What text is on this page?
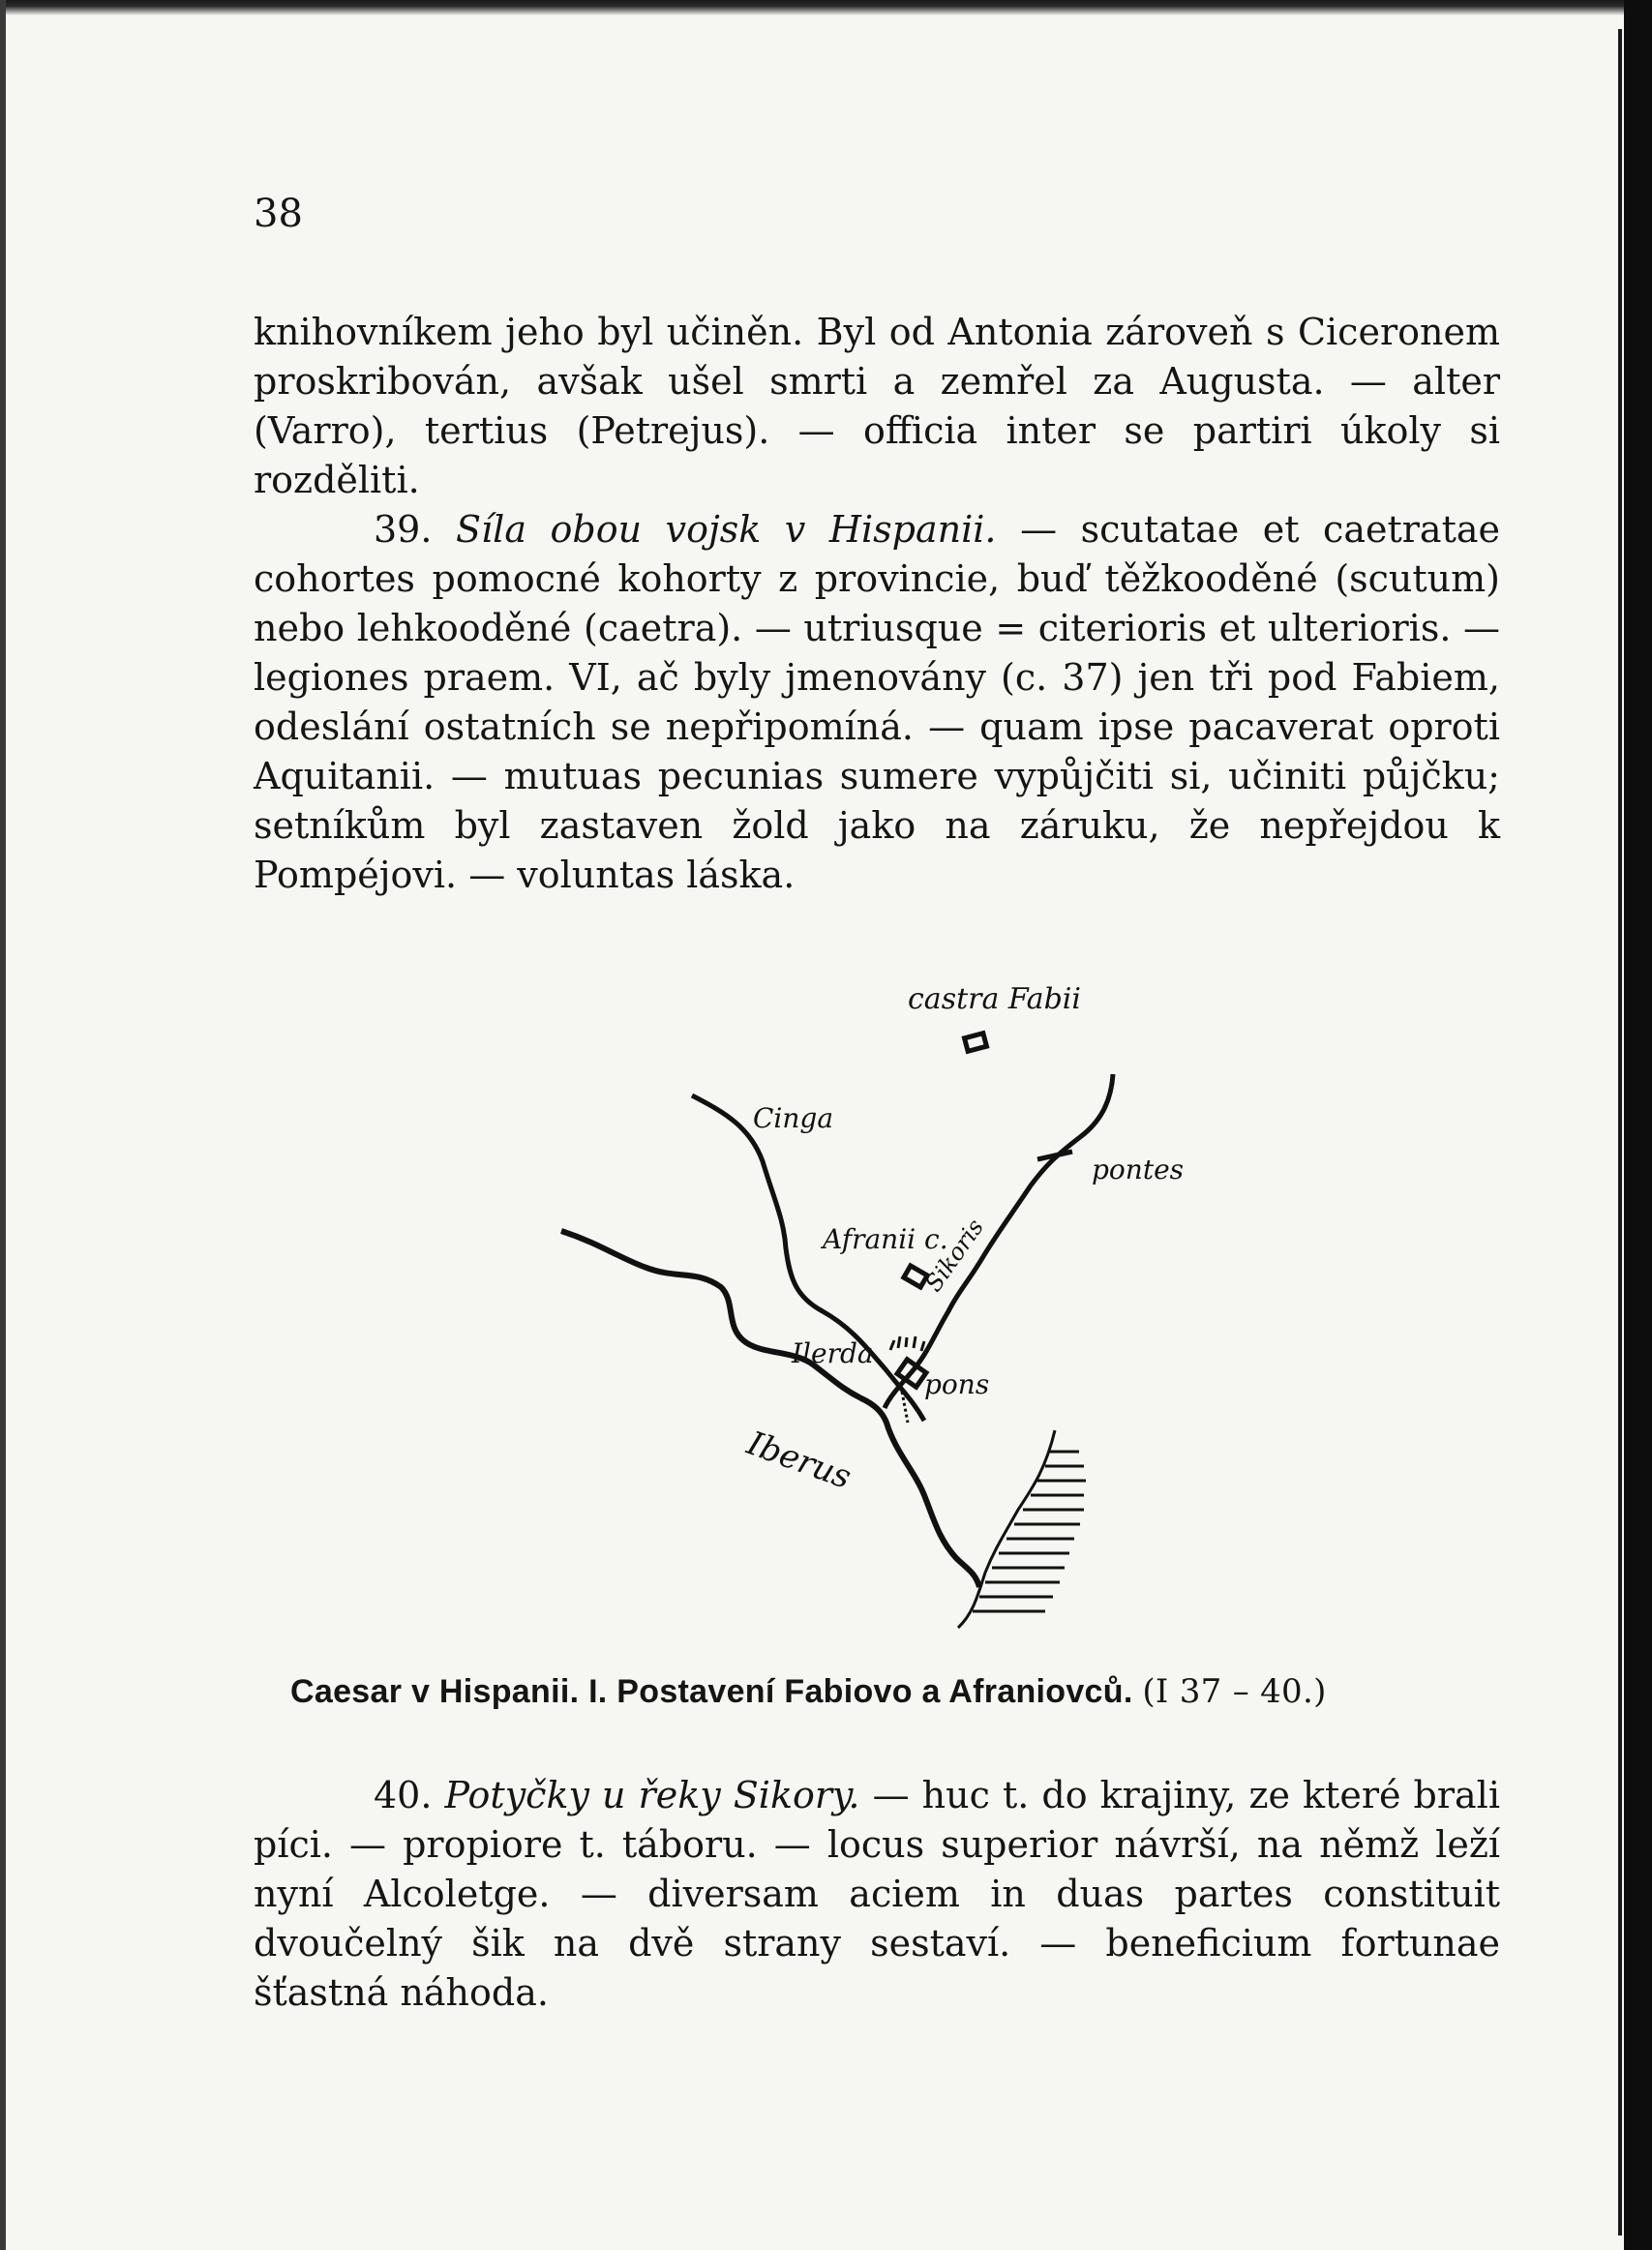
38

knihovníkem jeho byl učiněn. Byl od Antonia zároveň s Ciceronem proskribován, avšak ušel smrti a zemřel za Augusta. — alter (Varro), tertius (Petrejus). — officia inter se partiri úkoly si rozděliti.

39. Síla obou vojsk v Hispanii. — scutatae et caetratae cohortes pomocné kohorty z provincie, buď těžkooděné (scutum) nebo lehkooděné (caetra). — utriusque = citerioris et ulterioris. — legiones praem. VI, ač byly jmenovány (c. 37) jen tři pod Fabiem, odeslání ostatních se nepřipomíná. — quam ipse pacaverat oproti Aquitanii. — mutuas pecunias sumere vypůjčiti si, učiniti půjčku; setníkům byl zastaven žold jako na záruku, že nepřejdou k Pompéjovi. — voluntas láska.

castra Fabii
Cinga
pontes
Sikoris
Afranii c.
Ilerda
pons
Iberus
Caesar v Hispanii. I. Postavení Fabiovo a Afraniovců. (I 37 – 40.)

40. Potyčky u řeky Sikory. — huc t. do krajiny, ze které brali píci. — propiore t. táboru. — locus superior návrší, na němž leží nyní Alcoletge. — diversam aciem in duas partes constituit dvoučelný šik na dvě strany sestaví. — beneficium fortunae šťastná náhoda.
